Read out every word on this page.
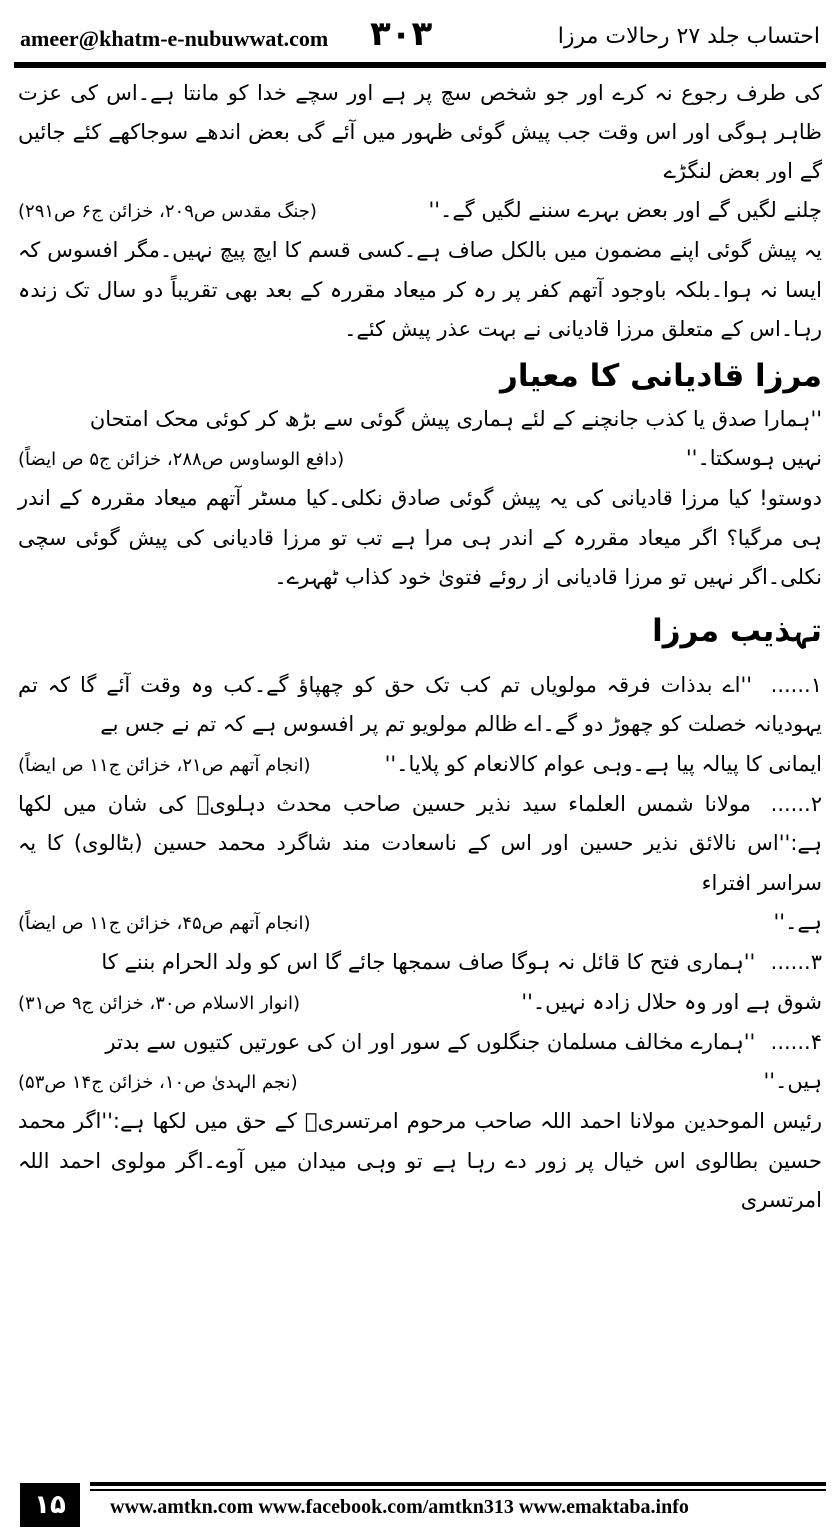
ameer@khatm-e-nubuwwat.com ۳۰۳	احتساب جلد ۲۷ رحالات مرزا

کی طرف رجوع نہ کرے اور جو شخص سچ پر ہے اور سچے خدا کو مانتا ہے۔اس کی عزت ظاہر ہوگی اور اس وقت جب پیش گوئی ظہور میں آئے گی بعض اندھے سوجاکھے کئے جائیں گے اور بعض لنگڑے

چلنے لگیں گے اور بعض بہرے سننے لگیں گے۔''
(جنگ مقدس ص۲۰۹، خزائن ج۶ ص۲۹۱)

یہ پیش گوئی اپنے مضمون میں بالکل صاف ہے۔کسی قسم کا ایچ پیچ نہیں۔مگر افسوس کہ ایسا نہ ہوا۔بلکہ باوجود آتھم کفر پر رہ کر میعاد مقررہ کے بعد بھی تقریباً دو سال تک زندہ رہا۔اس کے متعلق مرزا قادیانی نے بہت عذر پیش کئے۔

مرزا قادیانی کا معیار

''ہمارا صدق یا کذب جانچنے کے لئے ہماری پیش گوئی سے بڑھ کر کوئی محک امتحان

نہیں ہوسکتا۔''
(دافع الوساوس ص۲۸۸، خزائن ج۵ ص ایضاً)

دوستو! کیا مرزا قادیانی کی یہ پیش گوئی صادق نکلی۔کیا مسٹر آتھم میعاد مقررہ کے اندر ہی مرگیا؟ اگر میعاد مقررہ کے اندر ہی مرا ہے تب تو مرزا قادیانی کی پیش گوئی سچی نکلی۔اگر نہیں تو مرزا قادیانی از روئے فتویٰ خود کذاب ٹھہرے۔

تہذیب مرزا

۱...... ''اے بدذات فرقہ مولویاں تم کب تک حق کو چھپاؤ گے۔کب وہ وقت آئے گا کہ تم یہودیانہ خصلت کو چھوڑ دو گے۔اے ظالم مولویو تم پر افسوس ہے کہ تم نے جس بے

ایمانی کا پیالہ پیا ہے۔وہی عوام کالانعام کو پلایا۔''
(انجام آتھم ص۲۱، خزائن ج۱۱ ص ایضاً)

۲...... مولانا شمس العلماء سید نذیر حسین صاحب محدث دہلویؒ کی شان میں لکھا ہے:''اس نالائق نذیر حسین اور اس کے ناسعادت مند شاگرد محمد حسین (بٹالوی) کا یہ سراسر افتراء

ہے۔''
(انجام آتھم ص۴۵، خزائن ج۱۱ ص ایضاً)

۳...... ''ہماری فتح کا قائل نہ ہوگا صاف سمجھا جائے گا اس کو ولد الحرام بننے کا

شوق ہے اور وہ حلال زادہ نہیں۔''
(انوار الاسلام ص۳۰، خزائن ج۹ ص۳۱)

۴...... ''ہمارے مخالف مسلمان جنگلوں کے سور اور ان کی عورتیں کتیوں سے بدتر

ہیں۔''
(نجم الہدیٰ ص۱۰، خزائن ج۱۴ ص۵۳)

رئیس الموحدین مولانا احمد اللہ صاحب مرحوم امرتسریؒ کے حق میں لکھا ہے:''اگر محمد حسین بطالوی اس خیال پر زور دے رہا ہے تو وہی میدان میں آوے۔اگر مولوی احمد اللہ امرتسری

۱۵	www.amtkn.com www.facebook.com/amtkn313 www.emaktaba.info
